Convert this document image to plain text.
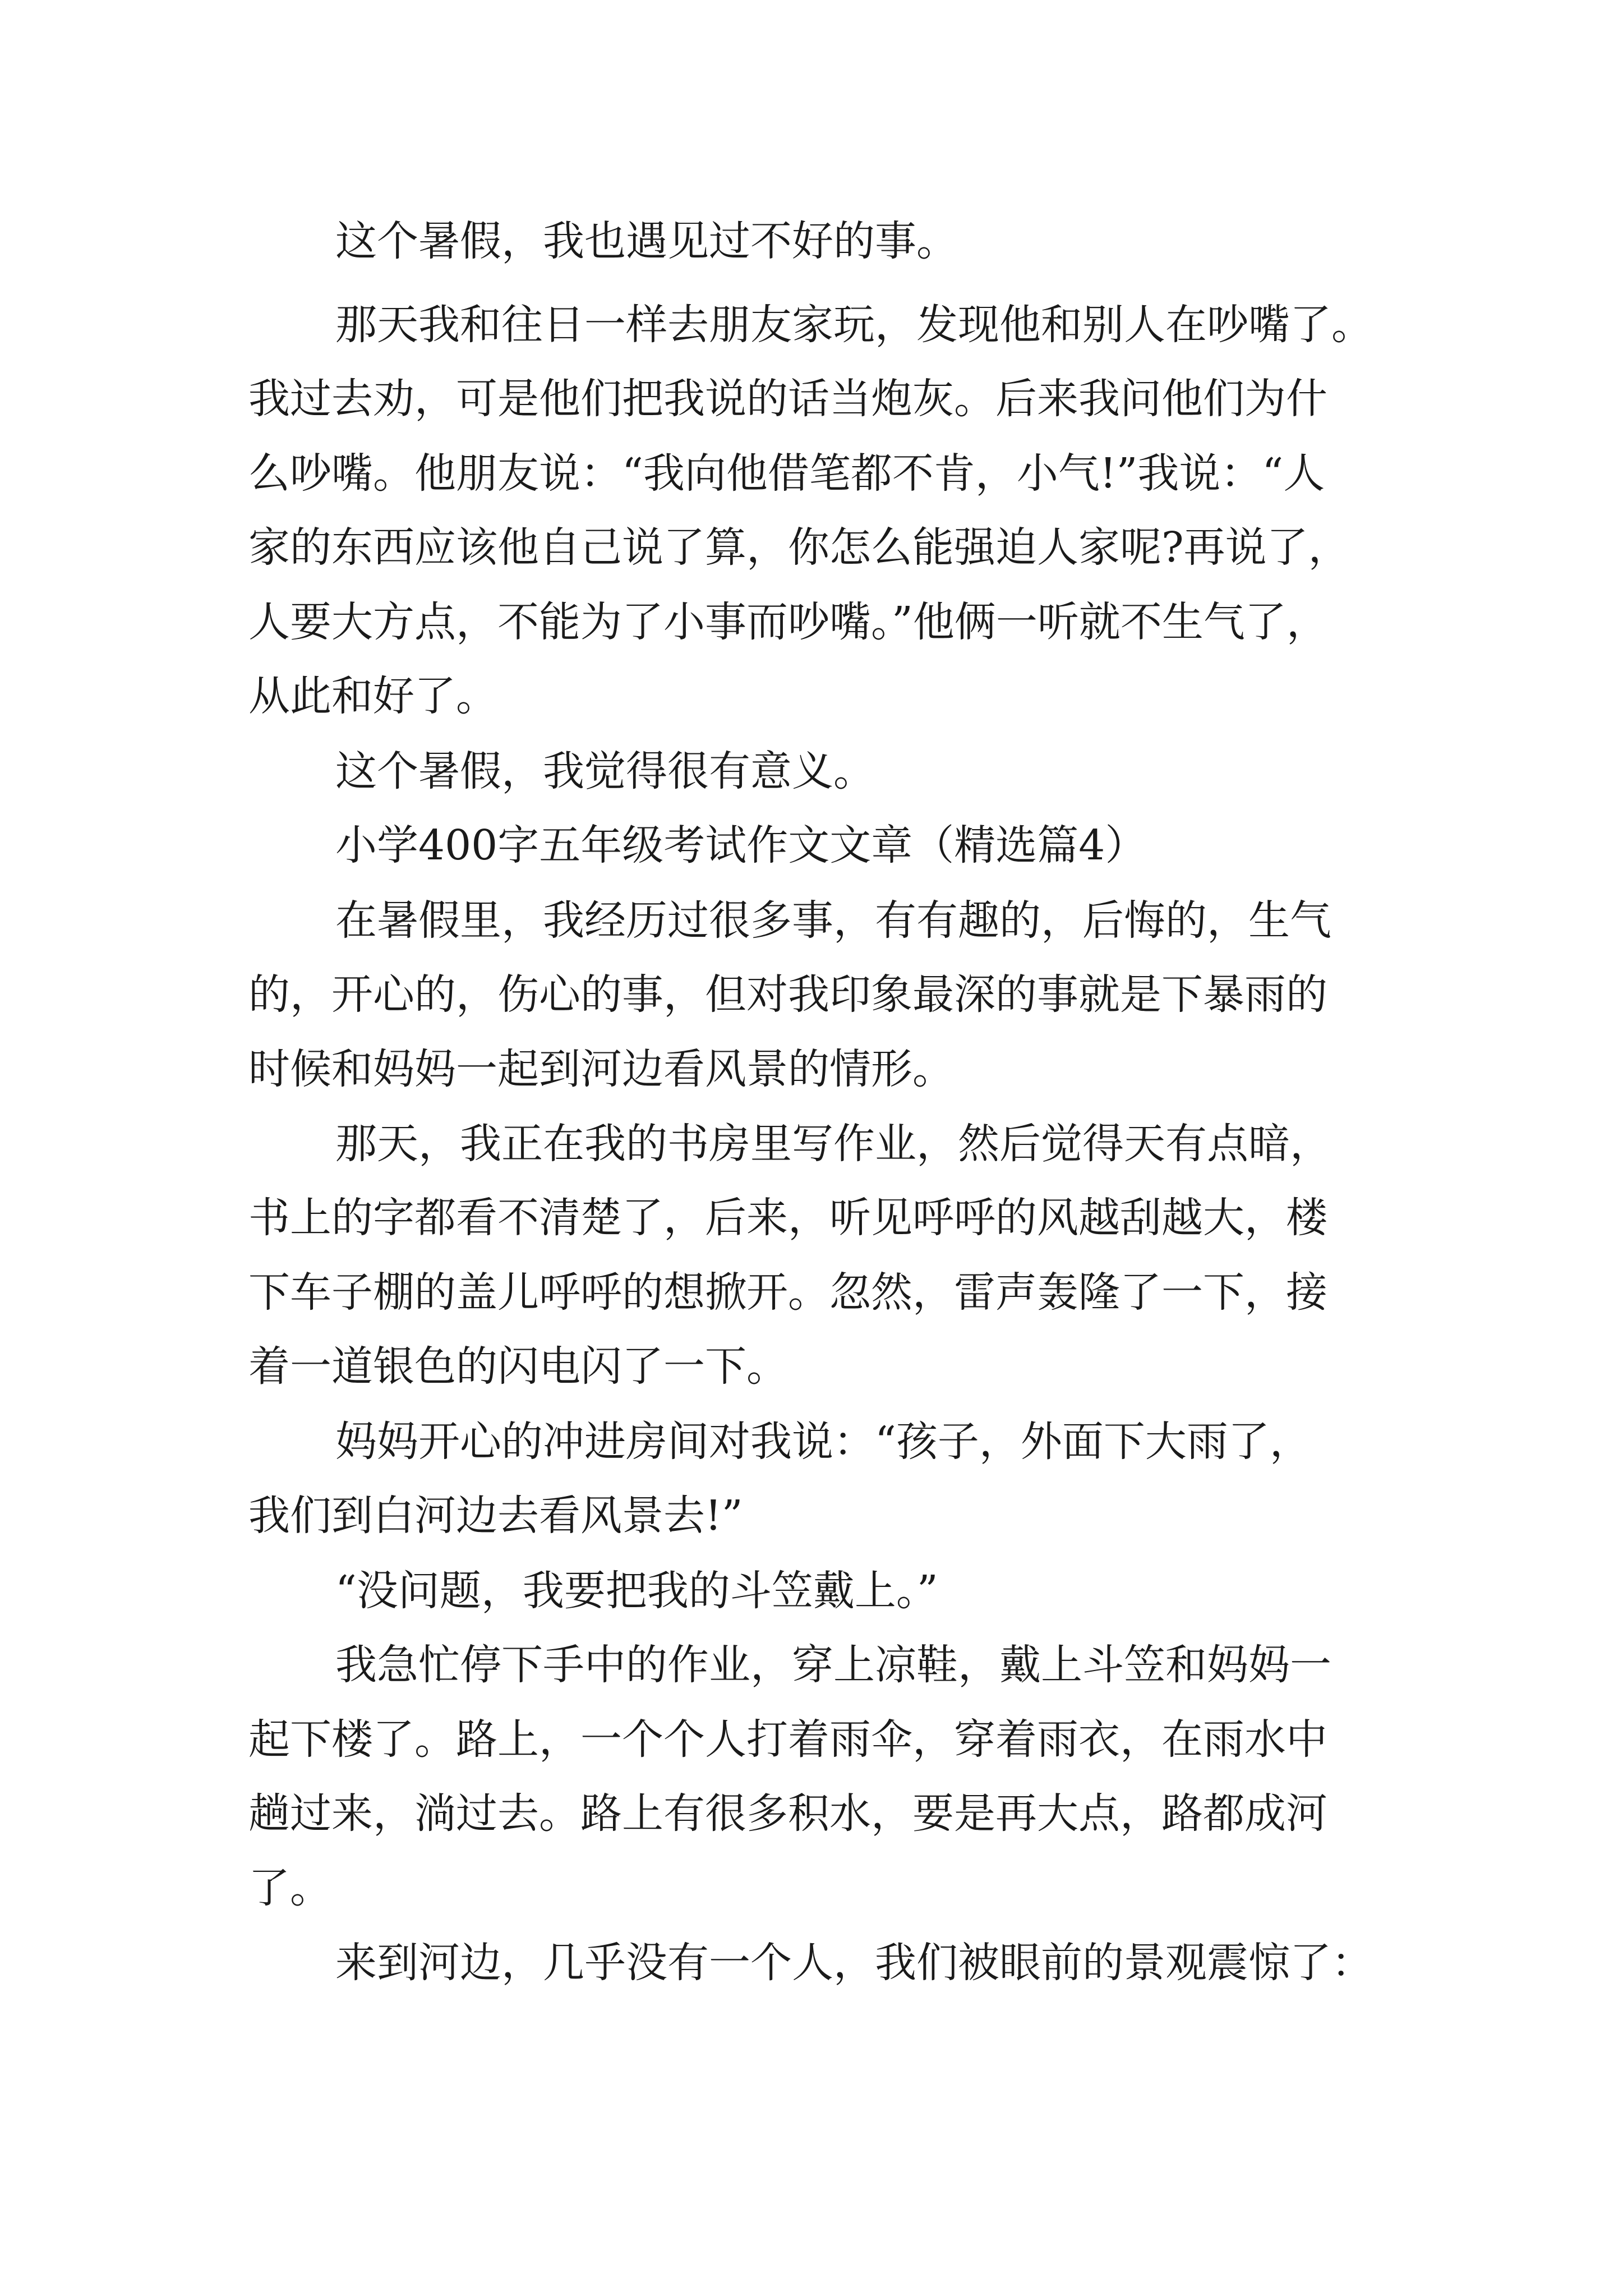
这个暑假，我也遇见过不好的事。
那天我和往日一样去朋友家玩，发现他和别人在吵嘴了。
我过去劝，可是他们把我说的话当炮灰。后来我问他们为什
么吵嘴。他朋友说：“我向他借笔都不肯，小气!”我说：“人
家的东西应该他自己说了算，你怎么能强迫人家呢?再说了，
人要大方点，不能为了小事而吵嘴。”他俩一听就不生气了，
从此和好了。
这个暑假，我觉得很有意义。
小学400字五年级考试作文文章（精选篇4）
在暑假里，我经历过很多事，有有趣的，后悔的，生气
的，开心的，伤心的事，但对我印象最深的事就是下暴雨的
时候和妈妈一起到河边看风景的情形。
那天，我正在我的书房里写作业，然后觉得天有点暗，
书上的字都看不清楚了，后来，听见呼呼的风越刮越大，楼
下车子棚的盖儿呼呼的想掀开。忽然，雷声轰隆了一下，接
着一道银色的闪电闪了一下。
妈妈开心的冲进房间对我说：“孩子，外面下大雨了，
我们到白河边去看风景去!”
“没问题，我要把我的斗笠戴上。”
我急忙停下手中的作业，穿上凉鞋，戴上斗笠和妈妈一
起下楼了。路上，一个个人打着雨伞，穿着雨衣，在雨水中
趟过来，淌过去。路上有很多积水，要是再大点，路都成河
了。
来到河边，几乎没有一个人，我们被眼前的景观震惊了：
